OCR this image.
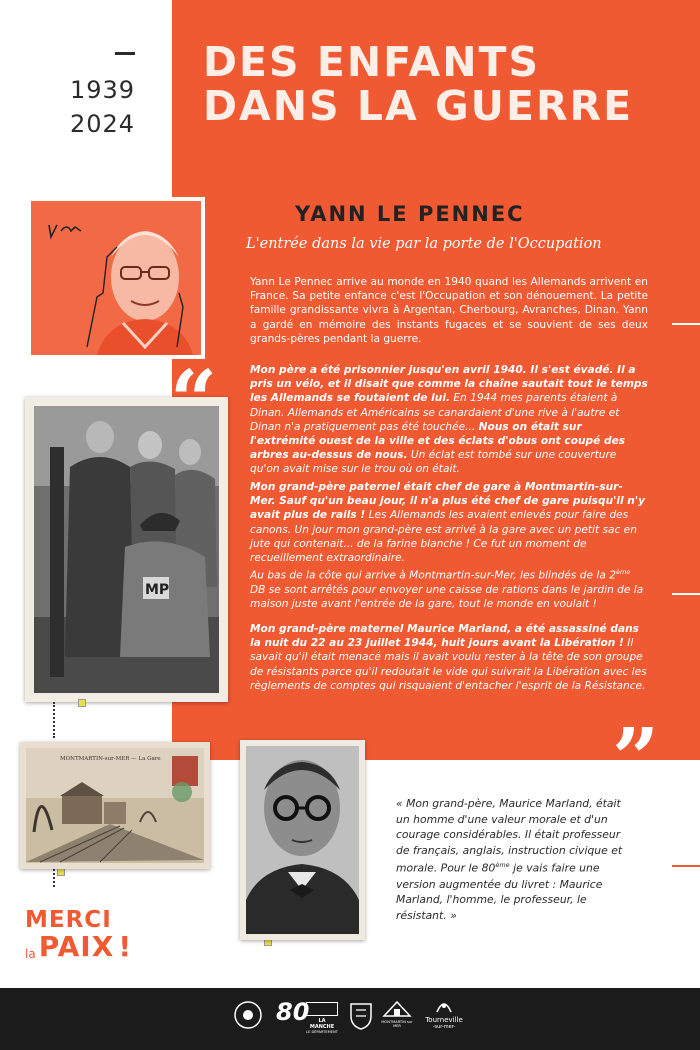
1939
2024
DES ENFANTS
DANS LA GUERRE
YANN LE PENNEC
L'entrée dans la vie par la porte de l'Occupation
Yann Le Pennec arrive au monde en 1940 quand les Allemands arrivent en France. Sa petite enfance c'est l'Occupation et son dénouement. La petite famille grandissante vivra à Argentan, Cherbourg, Avranches, Dinan. Yann a gardé en mémoire des instants fugaces et se souvient de ses deux grands-pères pendant la guerre.
Mon père a été prisonnier jusqu'en avril 1940. Il s'est évadé. Il a pris un vélo, et il disait que comme la chaîne sautait tout le temps les Allemands se foutaient de lui. En 1944 mes parents étaient à Dinan. Allemands et Américains se canardaient d'une rive à l'autre et Dinan n'a pratiquement pas été touchée... Nous on était sur l'extrémité ouest de la ville et des éclats d'obus ont coupé des arbres au-dessus de nous. Un éclat est tombé sur une couverture qu'on avait mise sur le trou où on était.
Mon grand-père paternel était chef de gare à Montmartin-sur-Mer. Sauf qu'un beau jour, il n'a plus été chef de gare puisqu'il n'y avait plus de rails ! Les Allemands les avaient enlevés pour faire des canons. Un jour mon grand-père est arrivé à la gare avec un petit sac en jute qui contenait... de la farine blanche ! Ce fut un moment de recueillement extraordinaire.
Au bas de la côte qui arrive à Montmartin-sur-Mer, les blindés de la 2ème DB se sont arrêtés pour envoyer une caisse de rations dans le jardin de la maison juste avant l'entrée de la gare, tout le monde en voulait !
Mon grand-père maternel Maurice Marland, a été assassiné dans la nuit du 22 au 23 juillet 1944, huit jours avant la Libération ! Il savait qu'il était menacé mais il avait voulu rester à la tête de son groupe de résistants parce qu'il redoutait le vide qui suivrait la Libération avec les règlements de comptes qui risquaient d'entacher l'esprit de la Résistance.
MP
MONTMARTIN-sur-MER — La Gare	”
« Mon grand-père, Maurice Marland, était un homme d'une valeur morale et d'un courage considérables. Il était professeur de français, anglais, instruction civique et morale. Pour le 80ème je vais faire une version augmentée du livret : Maurice Marland, l'homme, le professeur, le résistant. »
MERCI
la PAIX !
80	LA MANCHE
LE DÉPARTEMENT
MONTMARTIN sur MER
Tourneville
-sur-mer-
